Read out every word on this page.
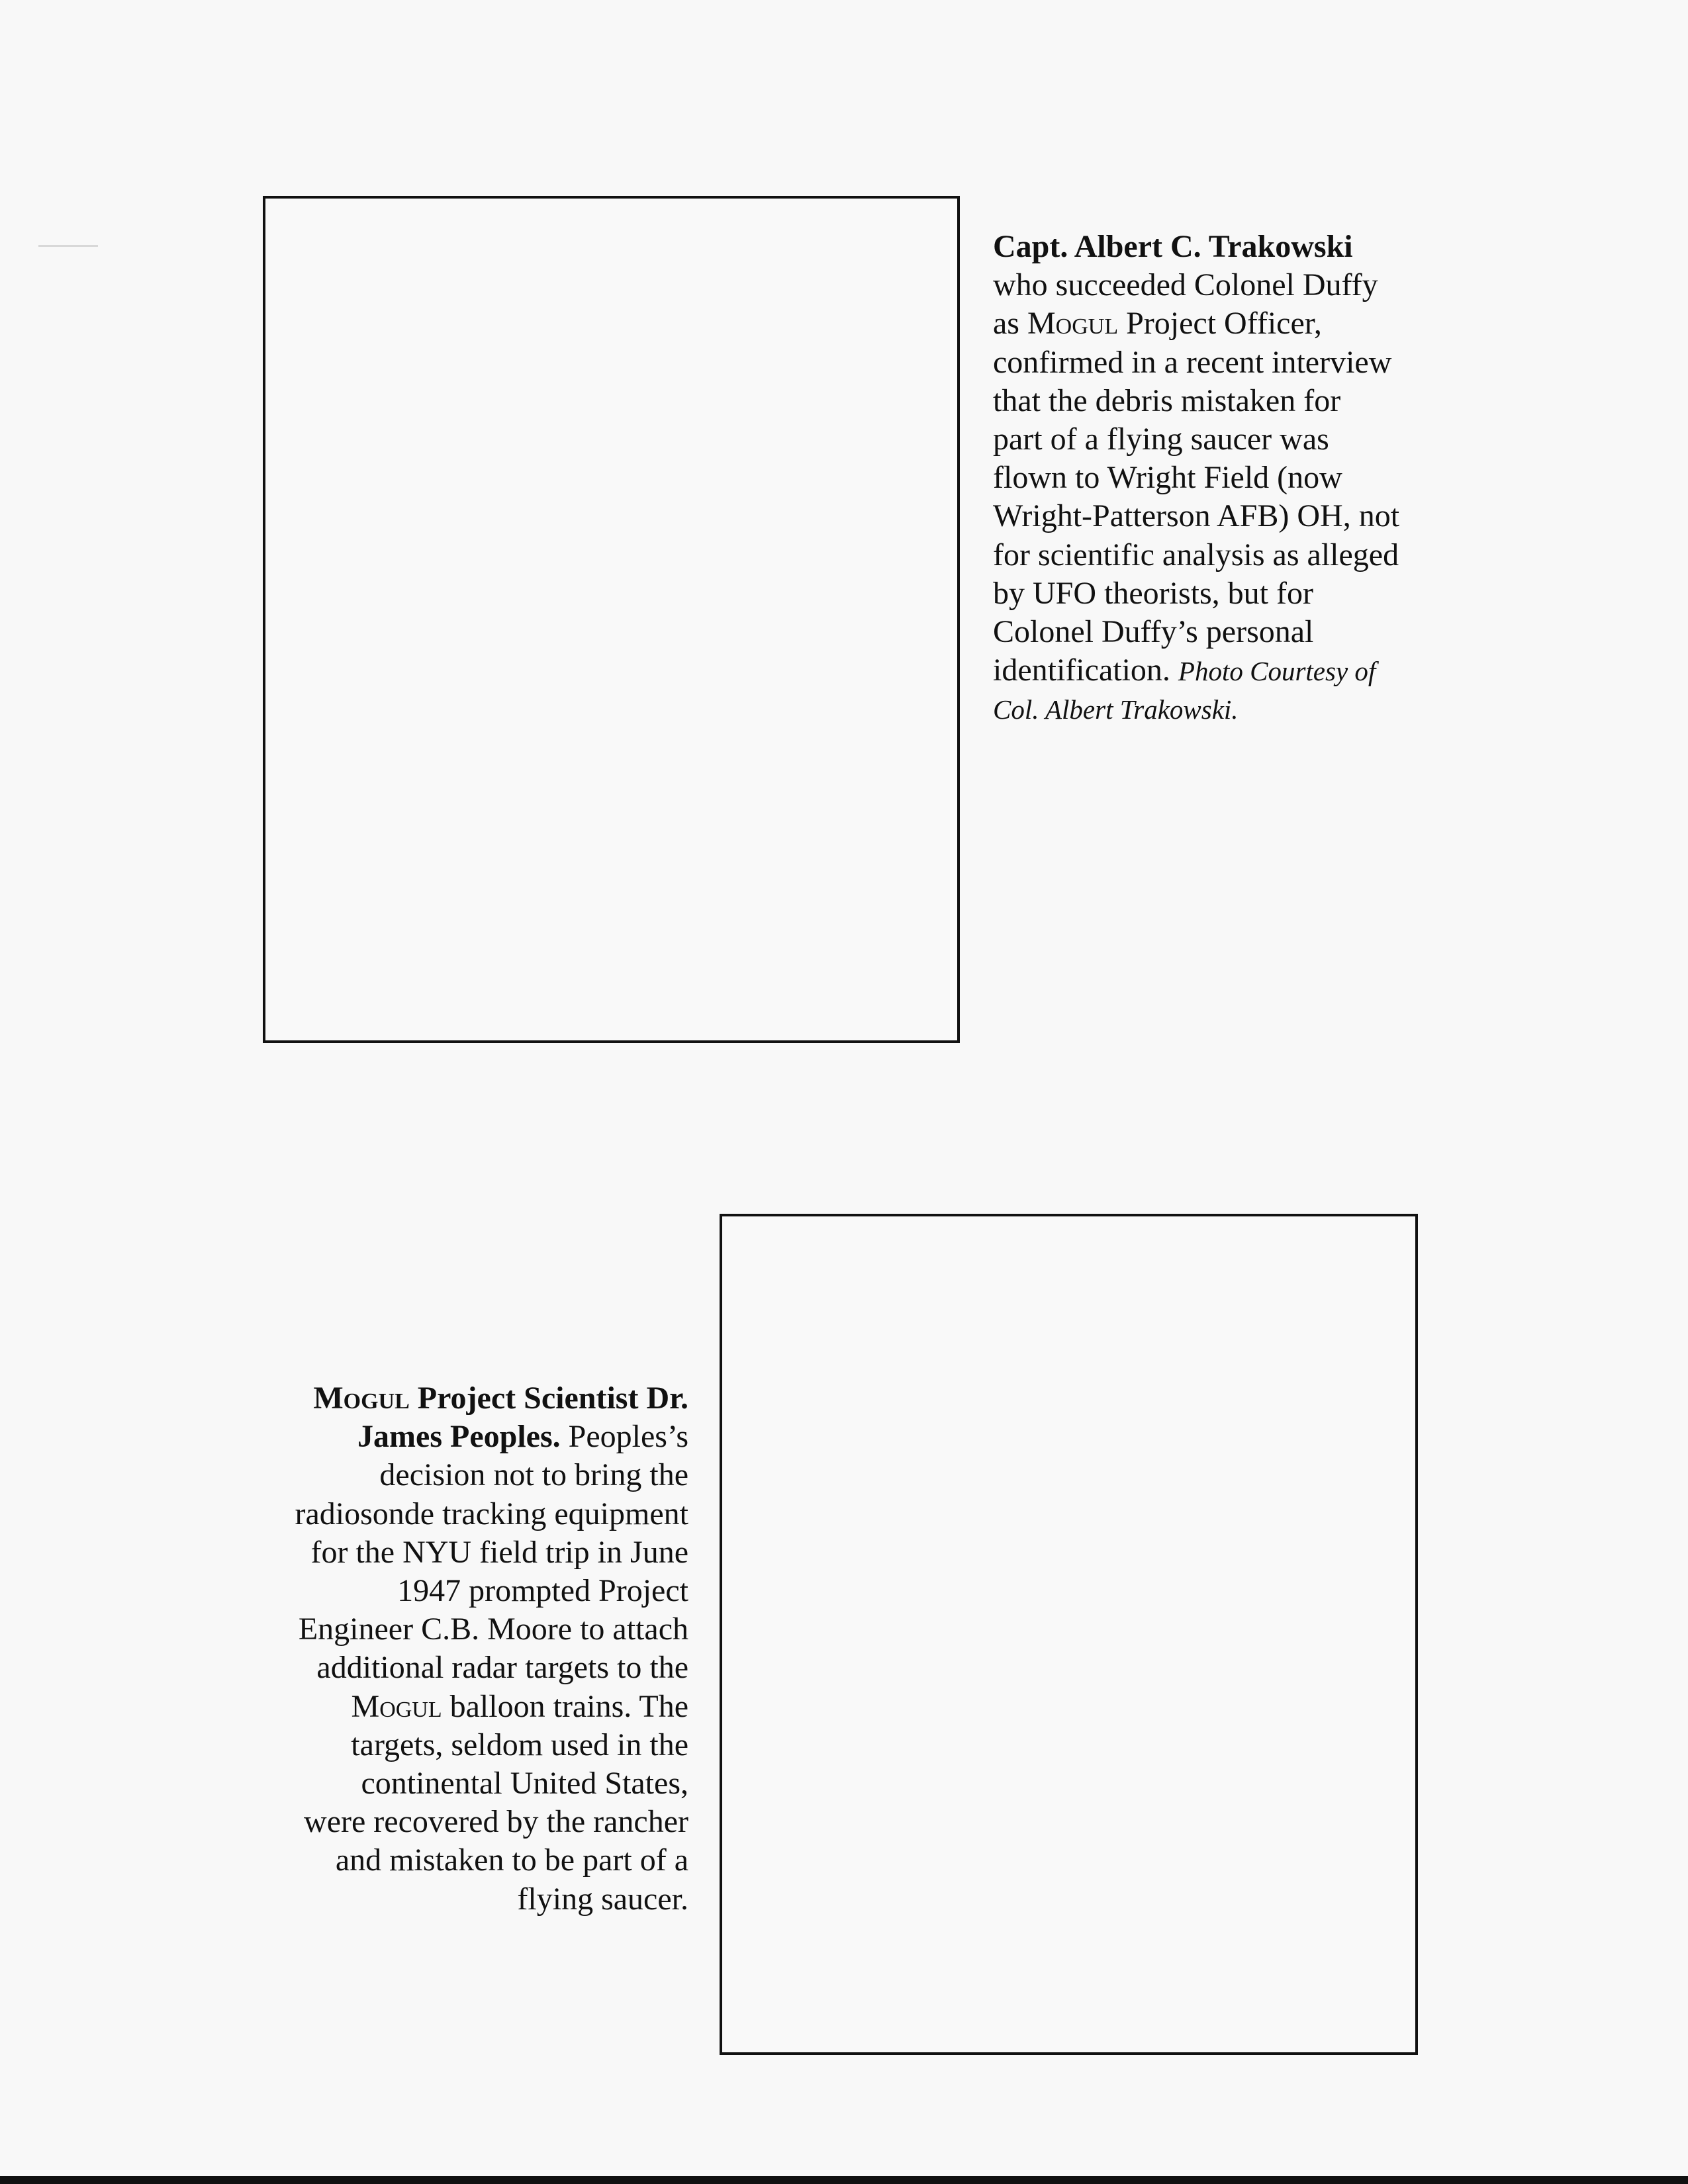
Capt. Albert C. Trakowski
who succeeded Colonel Duffy
as Mogul Project Officer,
confirmed in a recent interview
that the debris mistaken for
part of a flying saucer was
flown to Wright Field (now
Wright-Patterson AFB) OH, not
for scientific analysis as alleged
by UFO theorists, but for
Colonel Duffy’s personal
identification. Photo Courtesy of
Col. Albert Trakowski.
Mogul Project Scientist Dr.
James Peoples. Peoples’s
decision not to bring the
radiosonde tracking equipment
for the NYU field trip in June
1947 prompted Project
Engineer C.B. Moore to attach
additional radar targets to the
Mogul balloon trains. The
targets, seldom used in the
continental United States,
were recovered by the rancher
and mistaken to be part of a
flying saucer.
